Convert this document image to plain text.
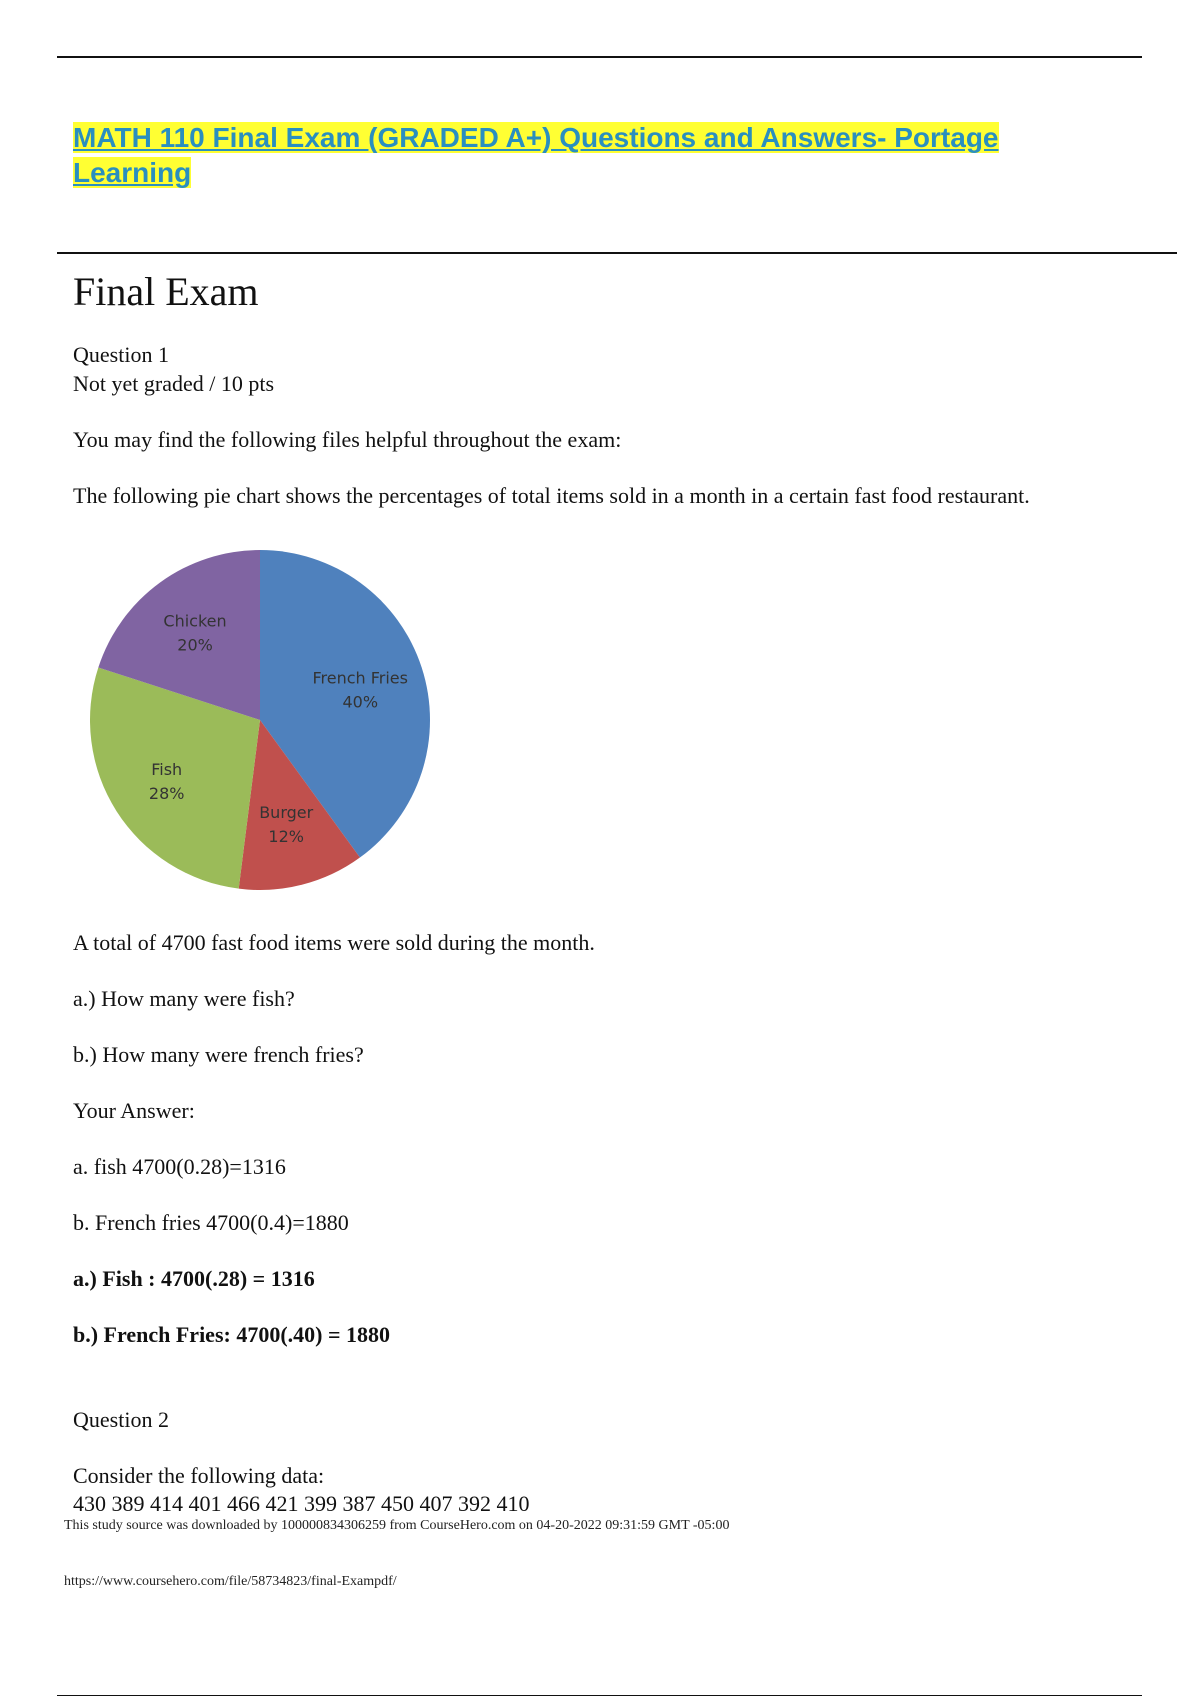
MATH 110 Final Exam (GRADED A+) Questions and Answers- Portage Learning
Final Exam

Question 1

Not yet graded / 10 pts

You may find the following files helpful throughout the exam:

The following pie chart shows the percentages of total items sold in a month in a certain fast food restaurant.

French Fries
40%
Burger
12%
Fish
28%
Chicken
20%

A total of 4700 fast food items were sold during the month.

a.) How many were fish?

b.) How many were french fries?

Your Answer:

a. fish 4700(0.28)=1316

b. French fries 4700(0.4)=1880

a.) Fish : 4700(.28) = 1316

b.) French Fries: 4700(.40) = 1880

Question 2

Consider the following data:

430 389 414 401 466 421 399 387 450 407 392 410

This study source was downloaded by 100000834306259 from CourseHero.com on 04-20-2022 09:31:59 GMT -05:00

https://www.coursehero.com/file/58734823/final-Exampdf/
